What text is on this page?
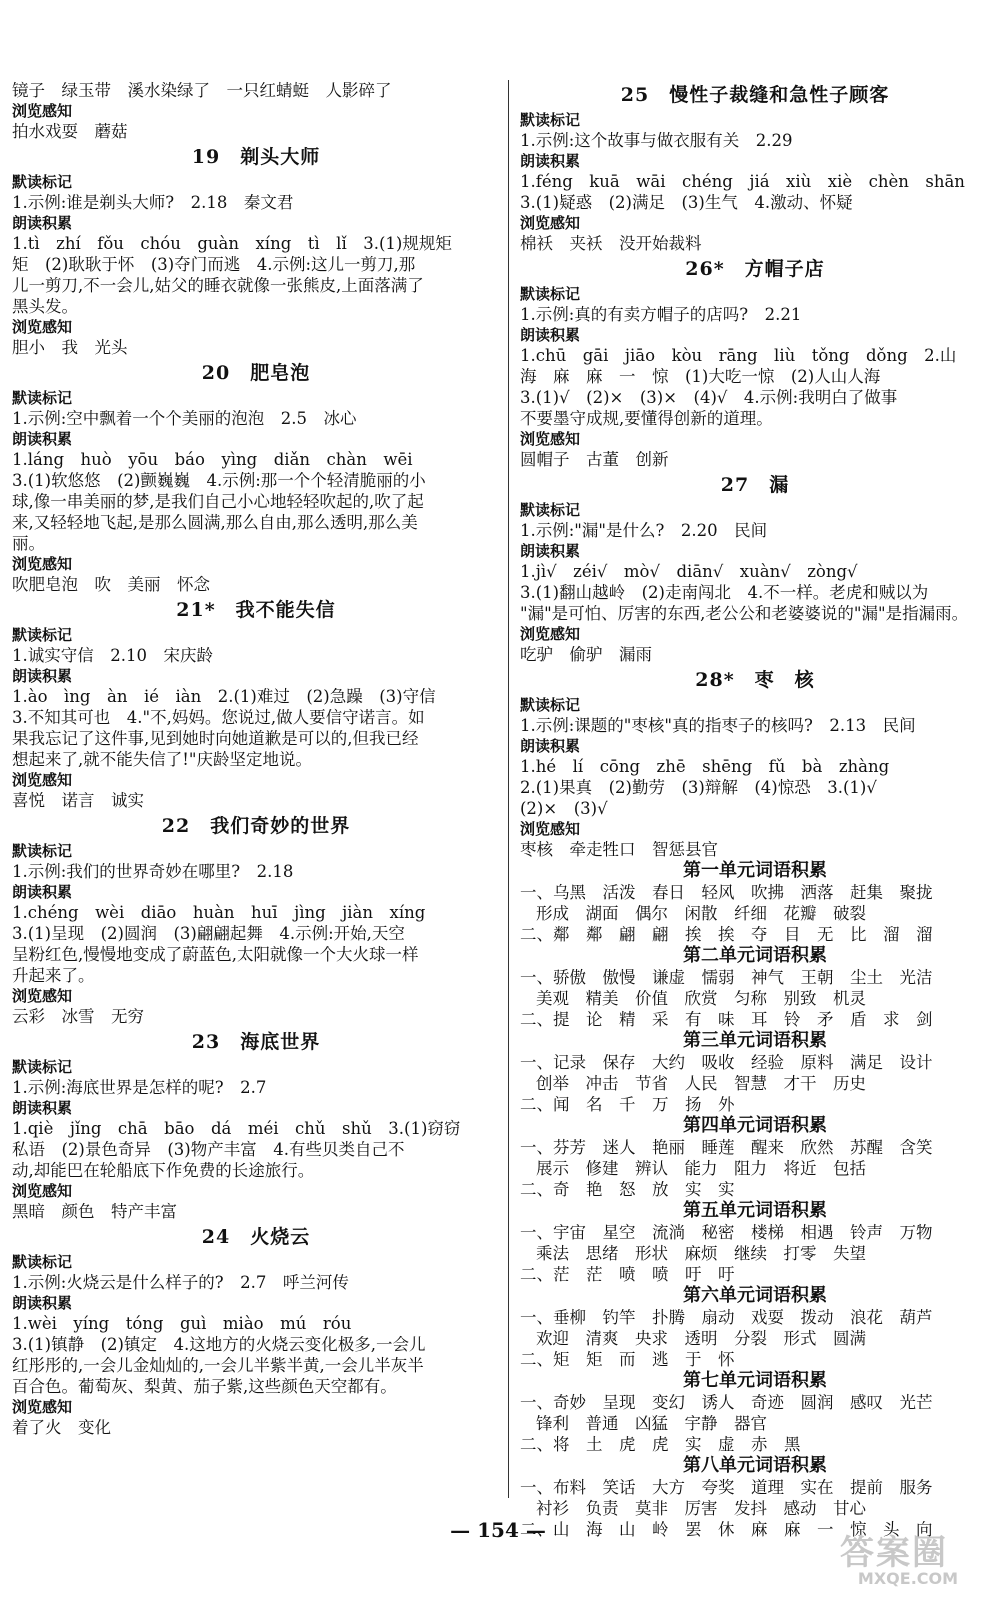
镜子　绿玉带　溪水染绿了　一只红蜻蜓　人影碎了
浏览感知
拍水戏耍　蘑菇
19　剃头大师
默读标记
1.示例:谁是剃头大师?　2.18　秦文君
朗读积累
1.tì　zhí　fǒu　chóu　guàn　xíng　tì　lǐ　3.(1)规规矩
矩　(2)耿耿于怀　(3)夺门而逃　4.示例:这儿一剪刀,那
儿一剪刀,不一会儿,姑父的睡衣就像一张熊皮,上面落满了
黑头发。
浏览感知
胆小　我　光头
20　肥皂泡
默读标记
1.示例:空中飘着一个个美丽的泡泡　2.5　冰心
朗读积累
1.láng　huò　yōu　báo　yìng　diǎn　chàn　wēi
3.(1)软悠悠　(2)颤巍巍　4.示例:那一个个轻清脆丽的小
球,像一串美丽的梦,是我们自己小心地轻轻吹起的,吹了起
来,又轻轻地飞起,是那么圆满,那么自由,那么透明,那么美
丽。
浏览感知
吹肥皂泡　吹　美丽　怀念
21*　我不能失信
默读标记
1.诚实守信　2.10　宋庆龄
朗读积累
1.ào　ìng　àn　ié　iàn　2.(1)难过　(2)急躁　(3)守信
3.不知其可也　4."不,妈妈。您说过,做人要信守诺言。如
果我忘记了这件事,见到她时向她道歉是可以的,但我已经
想起来了,就不能失信了!"庆龄坚定地说。
浏览感知
喜悦　诺言　诚实
22　我们奇妙的世界
默读标记
1.示例:我们的世界奇妙在哪里?　2.18
朗读积累
1.chéng　wèi　diāo　huàn　huī　jìng　jiàn　xíng
3.(1)呈现　(2)圆润　(3)翩翩起舞　4.示例:开始,天空
呈粉红色,慢慢地变成了蔚蓝色,太阳就像一个大火球一样
升起来了。
浏览感知
云彩　冰雪　无穷
23　海底世界
默读标记
1.示例:海底世界是怎样的呢?　2.7
朗读积累
1.qiè　jǐng　chā　bāo　dá　méi　chǔ　shǔ　3.(1)窃窃
私语　(2)景色奇异　(3)物产丰富　4.有些贝类自己不
动,却能巴在轮船底下作免费的长途旅行。
浏览感知
黑暗　颜色　特产丰富
24　火烧云
默读标记
1.示例:火烧云是什么样子的?　2.7　呼兰河传
朗读积累
1.wèi　yíng　tóng　guì　miào　mú　róu
3.(1)镇静　(2)镇定　4.这地方的火烧云变化极多,一会儿
红彤彤的,一会儿金灿灿的,一会儿半紫半黄,一会儿半灰半
百合色。葡萄灰、梨黄、茄子紫,这些颜色天空都有。
浏览感知
着了火　变化
25　慢性子裁缝和急性子顾客
默读标记
1.示例:这个故事与做衣服有关　2.29
朗读积累
1.féng　kuā　wāi　chéng　jiá　xiù　xiè　chèn　shān
3.(1)疑惑　(2)满足　(3)生气　4.激动、怀疑
浏览感知
棉袄　夹袄　没开始裁料
26*　方帽子店
默读标记
1.示例:真的有卖方帽子的店吗?　2.21
朗读积累
1.chū　gāi　jiāo　kòu　rāng　liù　tǒng　dǒng　2.山
海　麻　麻　一　惊　(1)大吃一惊　(2)人山人海
3.(1)√　(2)×　(3)×　(4)√　4.示例:我明白了做事
不要墨守成规,要懂得创新的道理。
浏览感知
圆帽子　古董　创新
27　漏
默读标记
1.示例:"漏"是什么?　2.20　民间
朗读积累
1.jì√　zéi√　mò√　diān√　xuàn√　zòng√
3.(1)翻山越岭　(2)走南闯北　4.不一样。老虎和贼以为
"漏"是可怕、厉害的东西,老公公和老婆婆说的"漏"是指漏雨。
浏览感知
吃驴　偷驴　漏雨
28*　枣　核
默读标记
1.示例:课题的"枣核"真的指枣子的核吗?　2.13　民间
朗读积累
1.hé　lí　cōng　zhē　shēng　fǔ　bà　zhàng
2.(1)果真　(2)勤劳　(3)辩解　(4)惊恐　3.(1)√
(2)×　(3)√
浏览感知
枣核　牵走牲口　智惩县官
第一单元词语积累
一、乌黑　活泼　春日　轻风　吹拂　洒落　赶集　聚拢
形成　湖面　偶尔　闲散　纤细　花瓣　破裂
二、鄰　鄰　翩　翩　挨　挨　夺　目　无　比　溜　溜
第二单元词语积累
一、骄傲　傲慢　谦虚　懦弱　神气　王朝　尘土　光洁
美观　精美　价值　欣赏　匀称　别致　机灵
二、提　论　精　采　有　味　耳　铃　矛　盾　求　剑
第三单元词语积累
一、记录　保存　大约　吸收　经验　原料　满足　设计
创举　冲击　节省　人民　智慧　才干　历史
二、闻　名　千　万　扬　外
第四单元词语积累
一、芬芳　迷人　艳丽　睡莲　醒来　欣然　苏醒　含笑
展示　修建　辨认　能力　阻力　将近　包括
二、奇　艳　怒　放　实　实
第五单元词语积累
一、宇宙　星空　流淌　秘密　楼梯　相遇　铃声　万物
乘法　思绪　形状　麻烦　继续　打零　失望
二、茫　茫　喷　喷　吁　吁
第六单元词语积累
一、垂柳　钓竿　扑腾　扇动　戏耍　拨动　浪花　葫芦
欢迎　清爽　央求　透明　分裂　形式　圆满
二、矩　矩　而　逃　于　怀
第七单元词语积累
一、奇妙　呈现　变幻　诱人　奇迹　圆润　感叹　光芒
锋利　普通　凶猛　宇静　器官
二、将　土　虎　虎　实　虚　赤　黑
第八单元词语积累
一、布料　笑话　大方　夸奖　道理　实在　提前　服务
衬衫　负责　莫非　厉害　发抖　感动　甘心
二、山　海　山　岭　罢　休　麻　麻　一　惊　头　向
— 154 —
答案圈
MXQE.COM
